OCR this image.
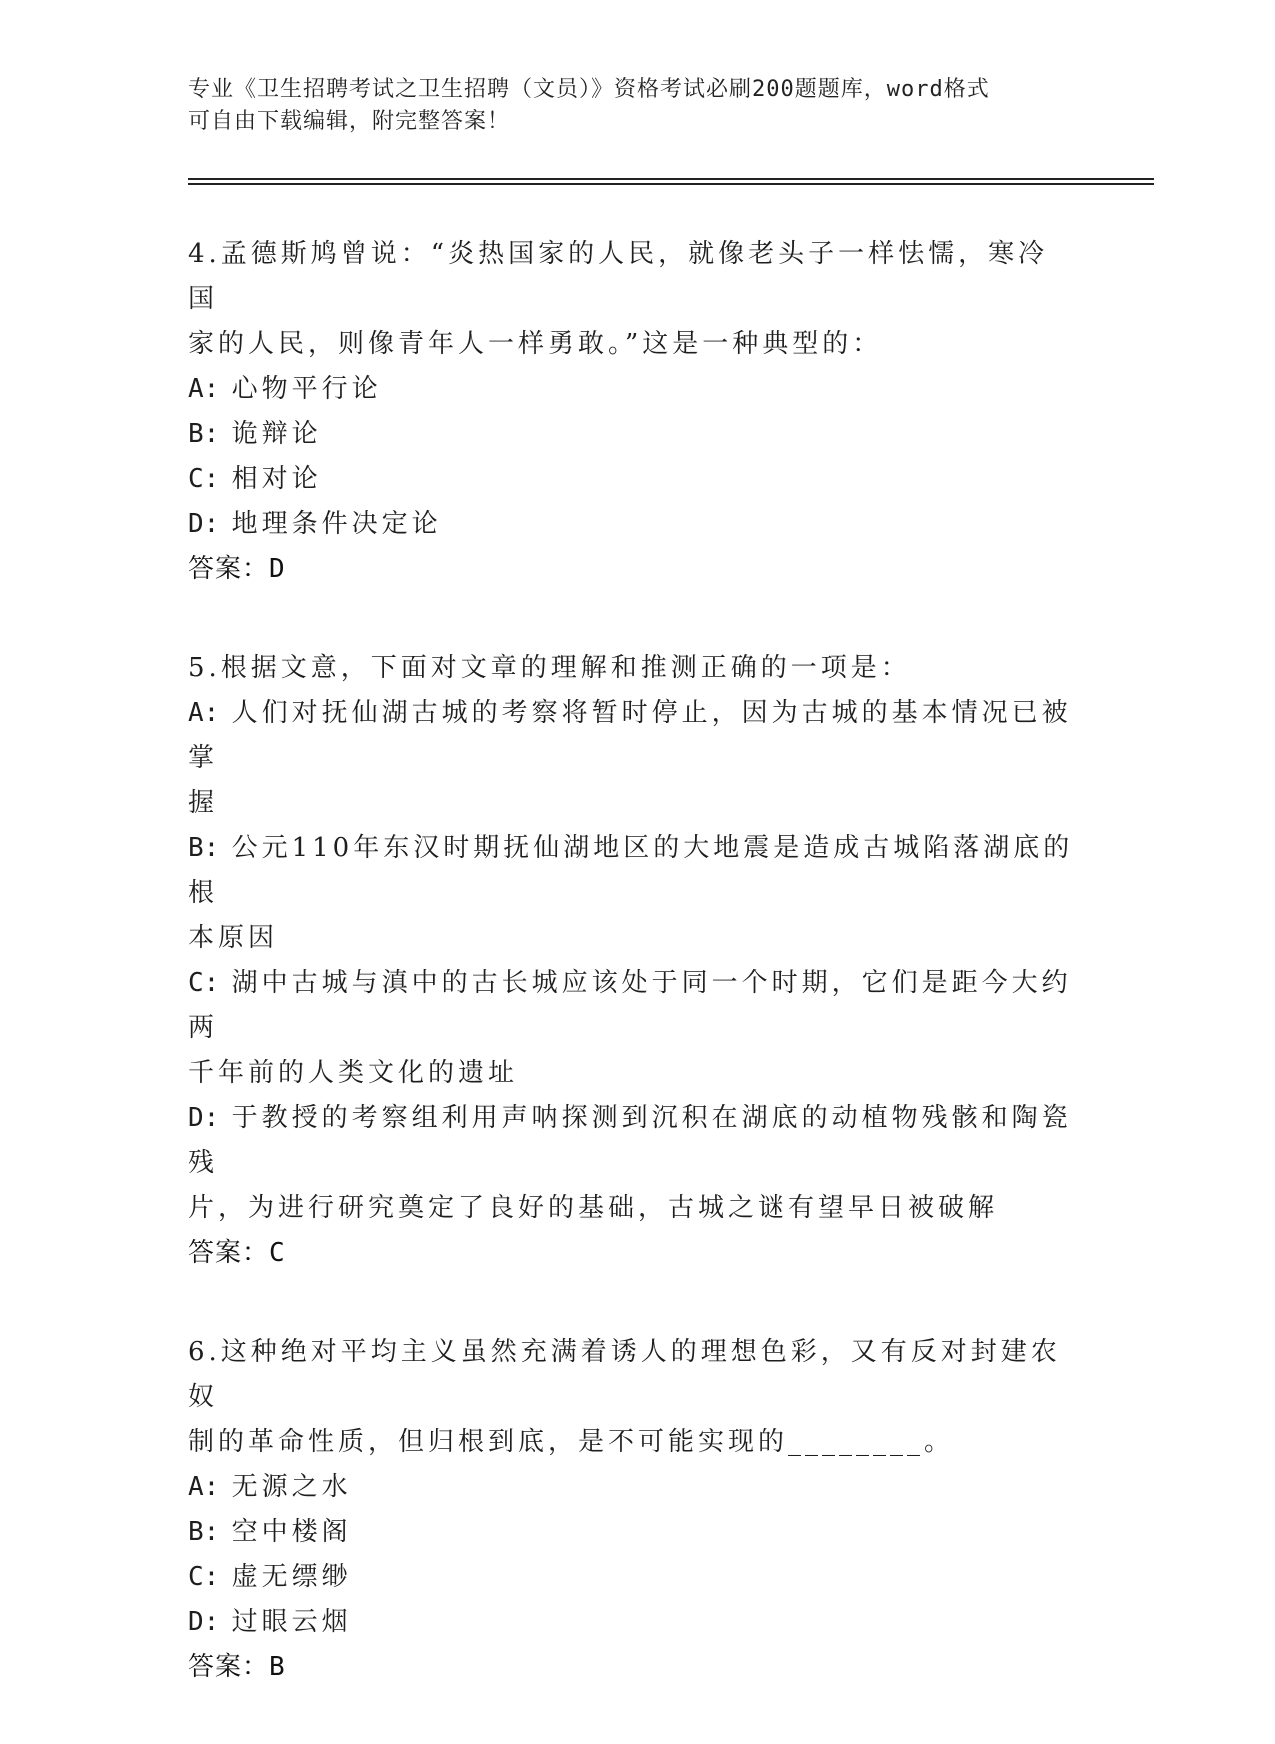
专业《卫生招聘考试之卫生招聘（文员）》资格考试必刷200题题库，word格式
可自由下载编辑，附完整答案！
4.孟德斯鸠曾说：“炎热国家的人民，就像老头子一样怯懦，寒冷国
家的人民，则像青年人一样勇敢。”这是一种典型的：
A: 心物平行论
B: 诡辩论
C: 相对论
D: 地理条件决定论
答案：D
5.根据文意，下面对文章的理解和推测正确的一项是：
A: 人们对抚仙湖古城的考察将暂时停止，因为古城的基本情况已被掌
握
B: 公元110年东汉时期抚仙湖地区的大地震是造成古城陷落湖底的根
本原因
C: 湖中古城与滇中的古长城应该处于同一个时期，它们是距今大约两
千年前的人类文化的遗址
D: 于教授的考察组利用声呐探测到沉积在湖底的动植物残骸和陶瓷残
片，为进行研究奠定了良好的基础，古城之谜有望早日被破解
答案：C
6.这种绝对平均主义虽然充满着诱人的理想色彩，又有反对封建农奴
制的革命性质，但归根到底，是不可能实现的________。
A: 无源之水
B: 空中楼阁
C: 虚无缥缈
D: 过眼云烟
答案：B
